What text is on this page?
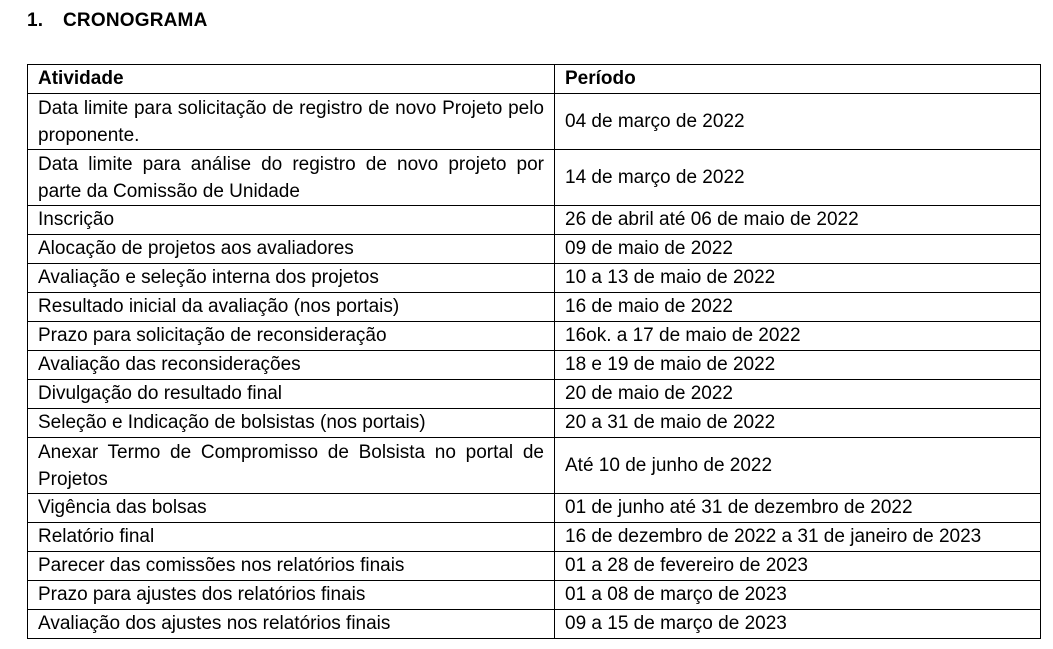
1. CRONOGRAMA
Atividade	Período
Data limite para solicitação de registro de novo Projeto pelo proponente.	04 de março de 2022
Data limite para análise do registro de novo projeto por parte da Comissão de Unidade	14 de março de 2022
Inscrição	26 de abril até 06 de maio de 2022
Alocação de projetos aos avaliadores	09 de maio de 2022
Avaliação e seleção interna dos projetos	10 a 13 de maio de 2022
Resultado inicial da avaliação (nos portais)	16 de maio de 2022
Prazo para solicitação de reconsideração	16ok. a 17 de maio de 2022
Avaliação das reconsiderações	18 e 19 de maio de 2022
Divulgação do resultado final	20 de maio de 2022
Seleção e Indicação de bolsistas (nos portais)	20 a 31 de maio de 2022
Anexar Termo de Compromisso de Bolsista no portal de Projetos	Até 10 de junho de 2022
Vigência das bolsas	01 de junho até 31 de dezembro de 2022
Relatório final	16 de dezembro de 2022 a 31 de janeiro de 2023
Parecer das comissões nos relatórios finais	01 a 28 de fevereiro de 2023
Prazo para ajustes dos relatórios finais	01 a 08 de março de 2023
Avaliação dos ajustes nos relatórios finais	09 a 15 de março de 2023
